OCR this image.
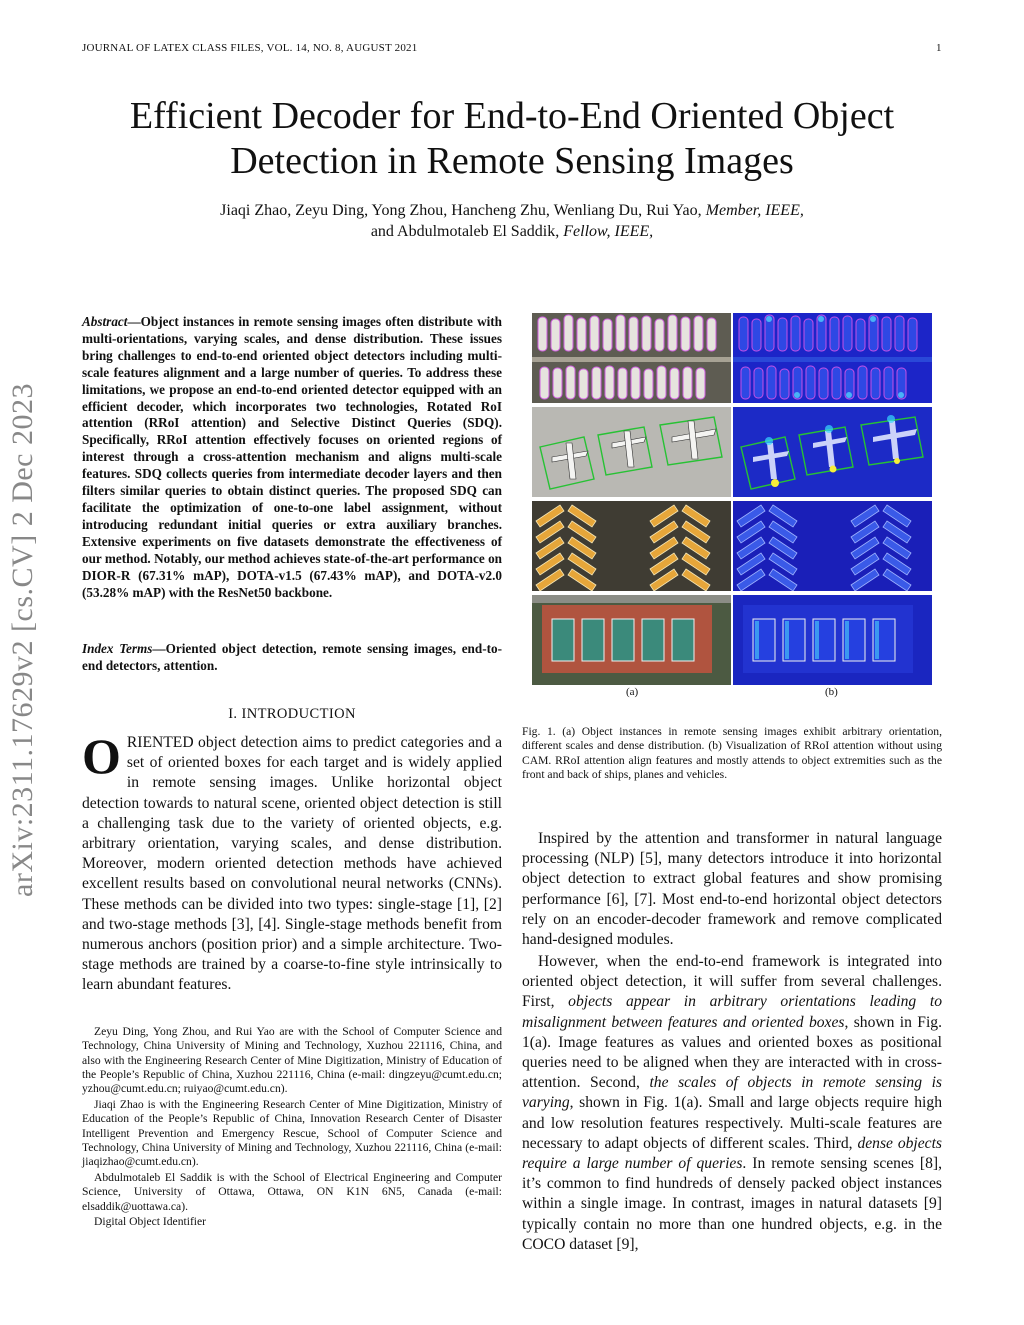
JOURNAL OF LATEX CLASS FILES, VOL. 14, NO. 8, AUGUST 2021	1
arXiv:2311.17629v2 [cs.CV] 2 Dec 2023
Efficient Decoder for End-to-End Oriented Object
Detection in Remote Sensing Images
Jiaqi Zhao, Zeyu Ding, Yong Zhou, Hancheng Zhu, Wenliang Du, Rui Yao, Member, IEEE,
and Abdulmotaleb El Saddik, Fellow, IEEE,
Abstract—Object instances in remote sensing images often distribute with multi-orientations, varying scales, and dense distribution. These issues bring challenges to end-to-end oriented object detectors including multi-scale features alignment and a large number of queries. To address these limitations, we propose an end-to-end oriented detector equipped with an efficient decoder, which incorporates two technologies, Rotated RoI attention (RRoI attention) and Selective Distinct Queries (SDQ). Specifically, RRoI attention effectively focuses on oriented regions of interest through a cross-attention mechanism and aligns multi-scale features. SDQ collects queries from intermediate decoder layers and then filters similar queries to obtain distinct queries. The proposed SDQ can facilitate the optimization of one-to-one label assignment, without introducing redundant initial queries or extra auxiliary branches. Extensive experiments on five datasets demonstrate the effectiveness of our method. Notably, our method achieves state-of-the-art performance on DIOR-R (67.31% mAP), DOTA-v1.5 (67.43% mAP), and DOTA-v2.0 (53.28% mAP) with the ResNet50 backbone.
Index Terms—Oriented object detection, remote sensing images, end-to-end detectors, attention.
I. INTRODUCTION
ORIENTED object detection aims to predict categories and a set of oriented boxes for each target and is widely applied in remote sensing images. Unlike horizontal object detection towards to natural scene, oriented object detection is still a challenging task due to the variety of oriented objects, e.g. arbitrary orientation, varying scales, and dense distribution. Moreover, modern oriented detection methods have achieved excellent results based on convolutional neural networks (CNNs). These methods can be divided into two types: single-stage [1], [2] and two-stage methods [3], [4]. Single-stage methods benefit from numerous anchors (position prior) and a simple architecture. Two-stage methods are trained by a coarse-to-fine style intrinsically to learn abundant features.

Zeyu Ding, Yong Zhou, and Rui Yao are with the School of Computer Science and Technology, China University of Mining and Technology, Xuzhou 221116, China, and also with the Engineering Research Center of Mine Digitization, Ministry of Education of the People’s Republic of China, Xuzhou 221116, China (e-mail: dingzeyu@cumt.edu.cn; yzhou@cumt.edu.cn; ruiyao@cumt.edu.cn).

Jiaqi Zhao is with the Engineering Research Center of Mine Digitization, Ministry of Education of the People’s Republic of China, Innovation Research Center of Disaster Intelligent Prevention and Emergency Rescue, School of Computer Science and Technology, China University of Mining and Technology, Xuzhou 221116, China (e-mail: jiaqizhao@cumt.edu.cn).

Abdulmotaleb El Saddik is with the School of Electrical Engineering and Computer Science, University of Ottawa, Ottawa, ON K1N 6N5, Canada (e-mail: elsaddik@uottawa.ca).

Digital Object Identifier

(a)	(b)
Fig. 1. (a) Object instances in remote sensing images exhibit arbitrary orientation, different scales and dense distribution. (b) Visualization of RRoI attention without using CAM. RRoI attention align features and mostly attends to object extremities such as the front and back of ships, planes and vehicles.

Inspired by the attention and transformer in natural language processing (NLP) [5], many detectors introduce it into horizontal object detection to extract global features and show promising performance [6], [7]. Most end-to-end horizontal object detectors rely on an encoder-decoder framework and remove complicated hand-designed modules.

However, when the end-to-end framework is integrated into oriented object detection, it will suffer from several challenges. First, objects appear in arbitrary orientations leading to misalignment between features and oriented boxes, shown in Fig. 1(a). Image features as values and oriented boxes as positional queries need to be aligned when they are interacted with in cross-attention. Second, the scales of objects in remote sensing is varying, shown in Fig. 1(a). Small and large objects require high and low resolution features respectively. Multi-scale features are necessary to adapt objects of different scales. Third, dense objects require a large number of queries. In remote sensing scenes [8], it’s common to find hundreds of densely packed object instances within a single image. In contrast, images in natural datasets [9] typically contain no more than one hundred objects, e.g. in the COCO dataset [9],
